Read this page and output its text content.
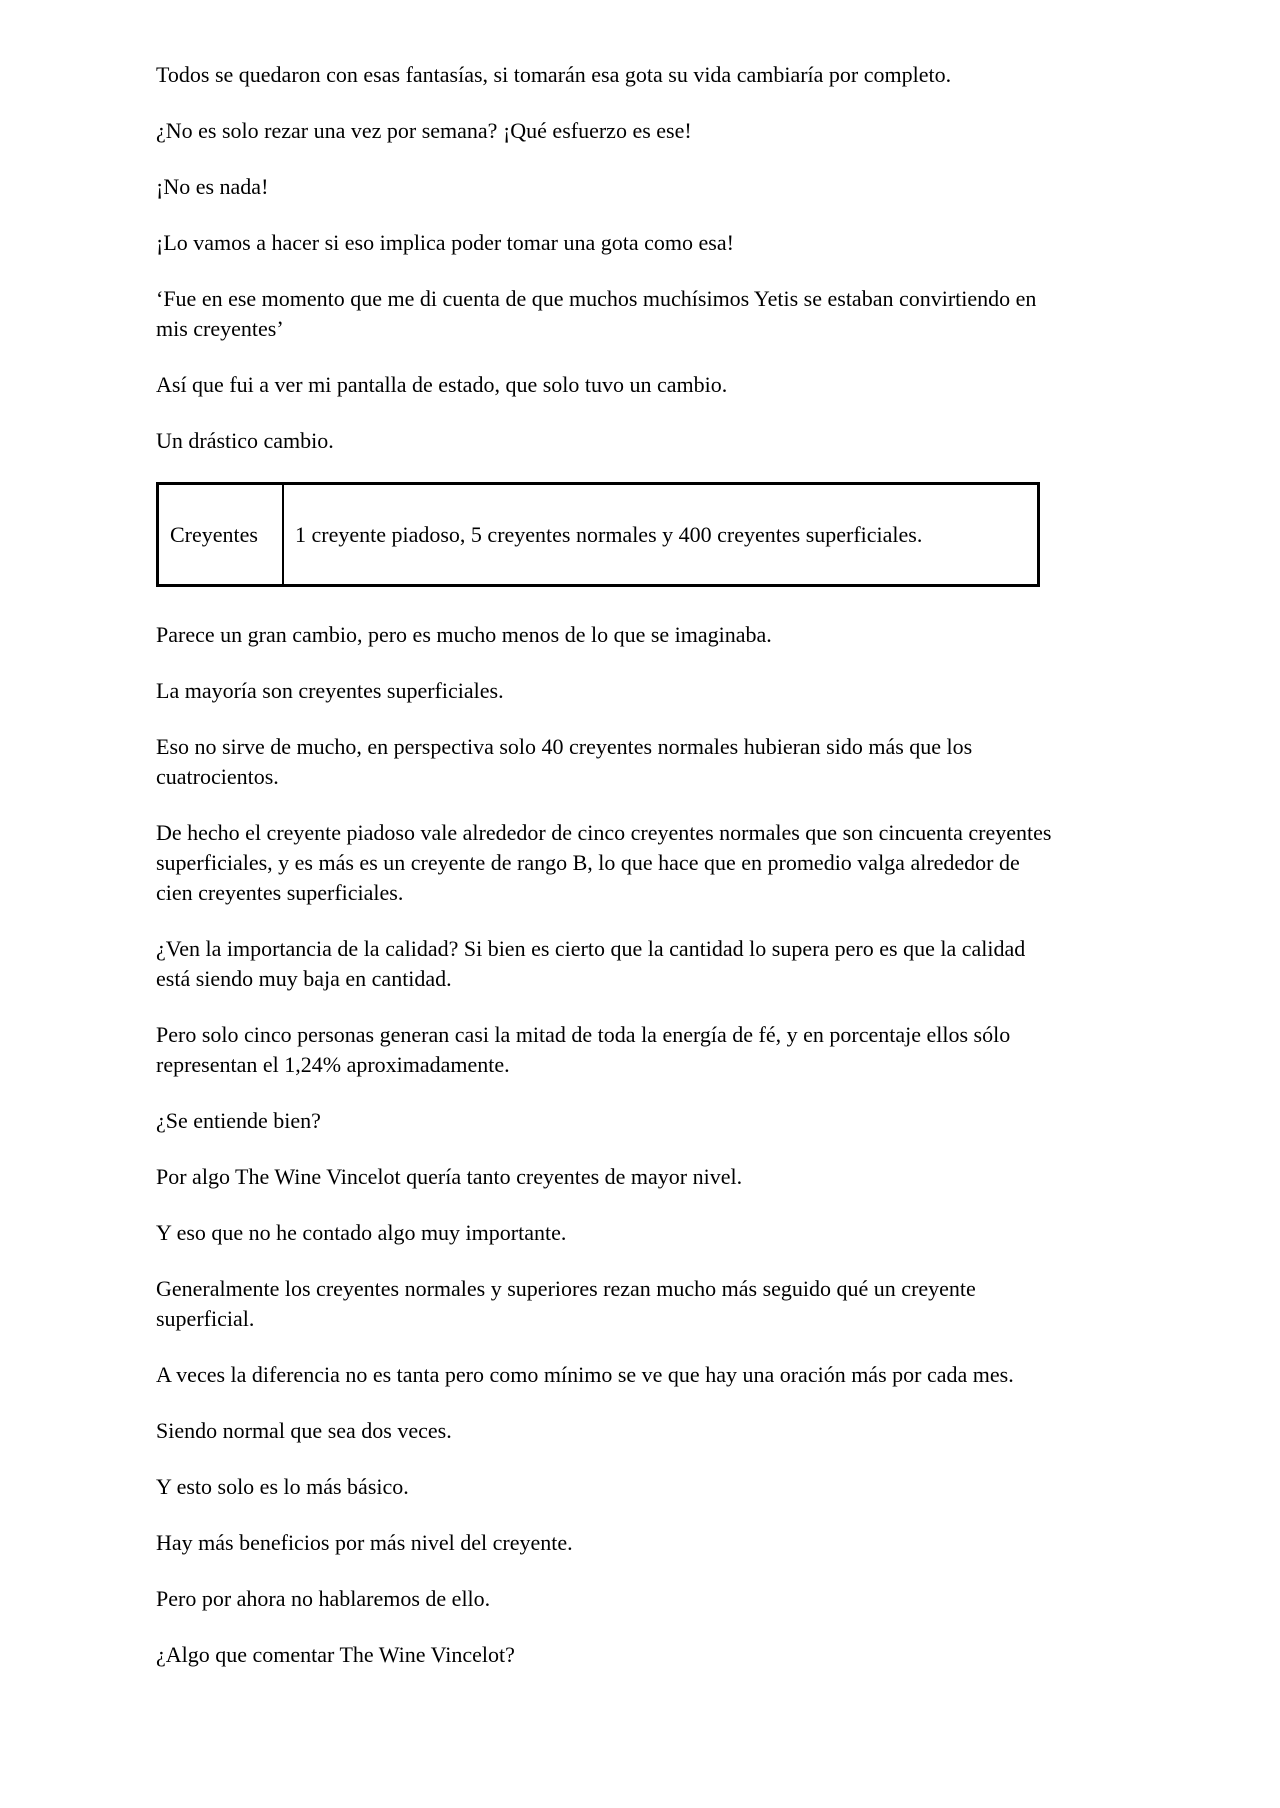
Todos se quedaron con esas fantasías, si tomarán esa gota su vida cambiaría por completo.

¿No es solo rezar una vez por semana? ¡Qué esfuerzo es ese!

¡No es nada!

¡Lo vamos a hacer si eso implica poder tomar una gota como esa!

‘Fue en ese momento que me di cuenta de que muchos muchísimos Yetis se estaban convirtiendo en mis creyentes’

Así que fui a ver mi pantalla de estado, que solo tuvo un cambio.

Un drástico cambio.

Creyentes	1 creyente piadoso, 5 creyentes normales y 400 creyentes superficiales.

Parece un gran cambio, pero es mucho menos de lo que se imaginaba.

La mayoría son creyentes superficiales.

Eso no sirve de mucho, en perspectiva solo 40 creyentes normales hubieran sido más que los cuatrocientos.

De hecho el creyente piadoso vale alrededor de cinco creyentes normales que son cincuenta creyentes superficiales, y es más es un creyente de rango B, lo que hace que en promedio valga alrededor de cien creyentes superficiales.

¿Ven la importancia de la calidad? Si bien es cierto que la cantidad lo supera pero es que la calidad está siendo muy baja en cantidad.

Pero solo cinco personas generan casi la mitad de toda la energía de fé, y en porcentaje ellos sólo representan el 1,24% aproximadamente.

¿Se entiende bien?

Por algo The Wine Vincelot quería tanto creyentes de mayor nivel.

Y eso que no he contado algo muy importante.

Generalmente los creyentes normales y superiores rezan mucho más seguido qué un creyente superficial.

A veces la diferencia no es tanta pero como mínimo se ve que hay una oración más por cada mes.

Siendo normal que sea dos veces.

Y esto solo es lo más básico.

Hay más beneficios por más nivel del creyente.

Pero por ahora no hablaremos de ello.

¿Algo que comentar The Wine Vincelot?
